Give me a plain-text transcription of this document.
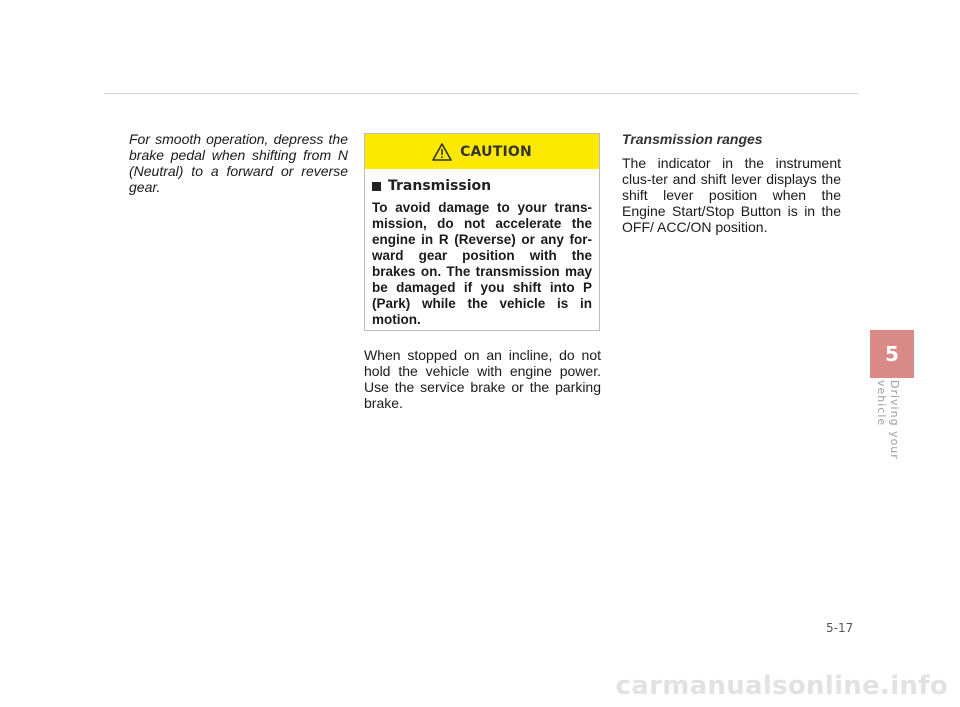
For smooth operation, depress the brake pedal when shifting from N (Neutral) to a forward or reverse gear.

CAUTION
Transmission

To avoid damage to your trans-mission, do not accelerate the engine in R (Reverse) or any for-ward gear position with the brakes on. The transmission may be damaged if you shift into P (Park) while the vehicle is in motion.

When stopped on an incline, do not hold the vehicle with engine power. Use the service brake or the parking brake.

Transmission ranges

The indicator in the instrument clus-ter and shift lever displays the shift lever position when the Engine Start/Stop Button is in the OFF/ ACC/ON position.

5
Driving your vehicle
5-17
carmanualsonline.info
